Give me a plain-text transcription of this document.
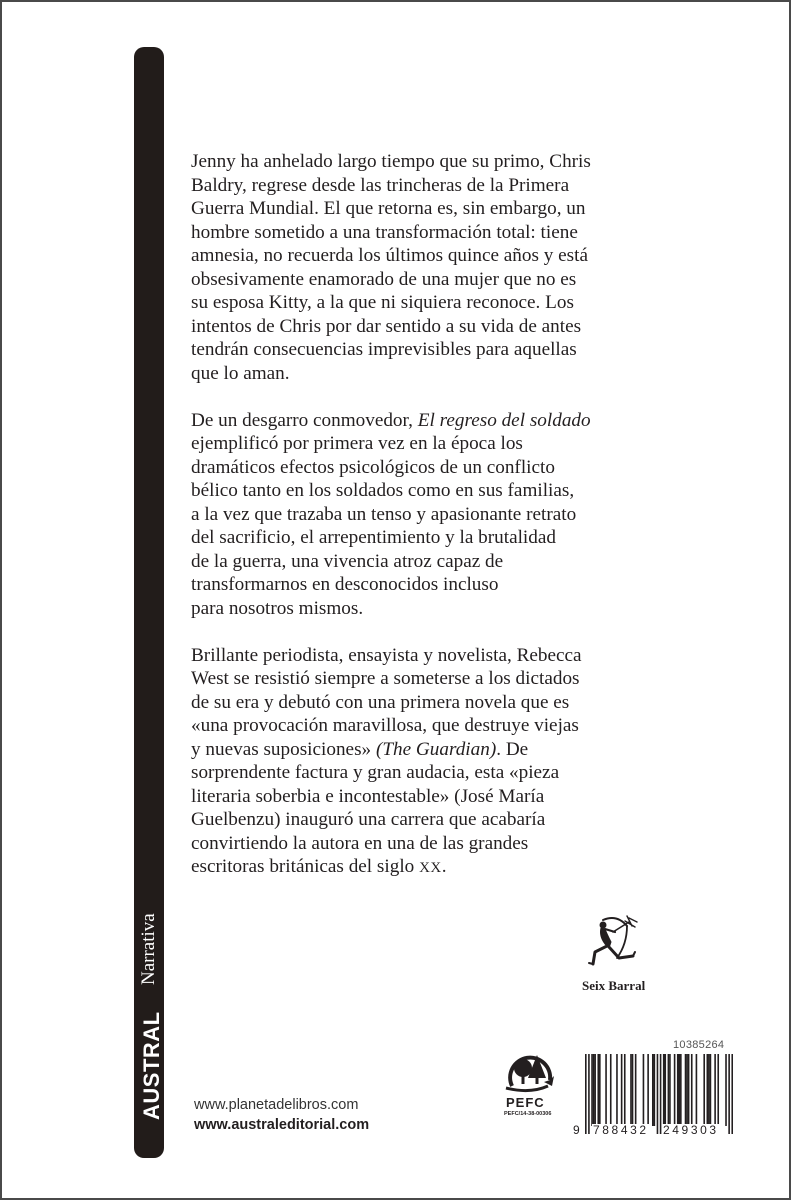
Narrativa
AUSTRAL

Jenny ha anhelado largo tiempo que su primo, Chris
Baldry, regrese desde las trincheras de la Primera
Guerra Mundial. El que retorna es, sin embargo, un
hombre sometido a una transformación total: tiene
amnesia, no recuerda los últimos quince años y está
obsesivamente enamorado de una mujer que no es
su esposa Kitty, a la que ni siquiera reconoce. Los
intentos de Chris por dar sentido a su vida de antes
tendrán consecuencias imprevisibles para aquellas
que lo aman.

De un desgarro conmovedor, El regreso del soldado
ejemplificó por primera vez en la época los
dramáticos efectos psicológicos de un conflicto
bélico tanto en los soldados como en sus familias,
a la vez que trazaba un tenso y apasionante retrato
del sacrificio, el arrepentimiento y la brutalidad
de la guerra, una vivencia atroz capaz de
transformarnos en desconocidos incluso
para nosotros mismos.

Brillante periodista, ensayista y novelista, Rebecca
West se resistió siempre a someterse a los dictados
de su era y debutó con una primera novela que es
«una provocación maravillosa, que destruye viejas
y nuevas suposiciones» (The Guardian). De
sorprendente factura y gran audacia, esta «pieza
literaria soberbia e incontestable» (José María
Guelbenzu) inauguró una carrera que acabaría
convirtiendo la autora en una de las grandes
escritoras británicas del siglo XX.

Seix Barral
www.planetadelibros.com
www.australeditorial.com
PEFC
PEFC/14-38-00306
10385264
9 788432 249303
